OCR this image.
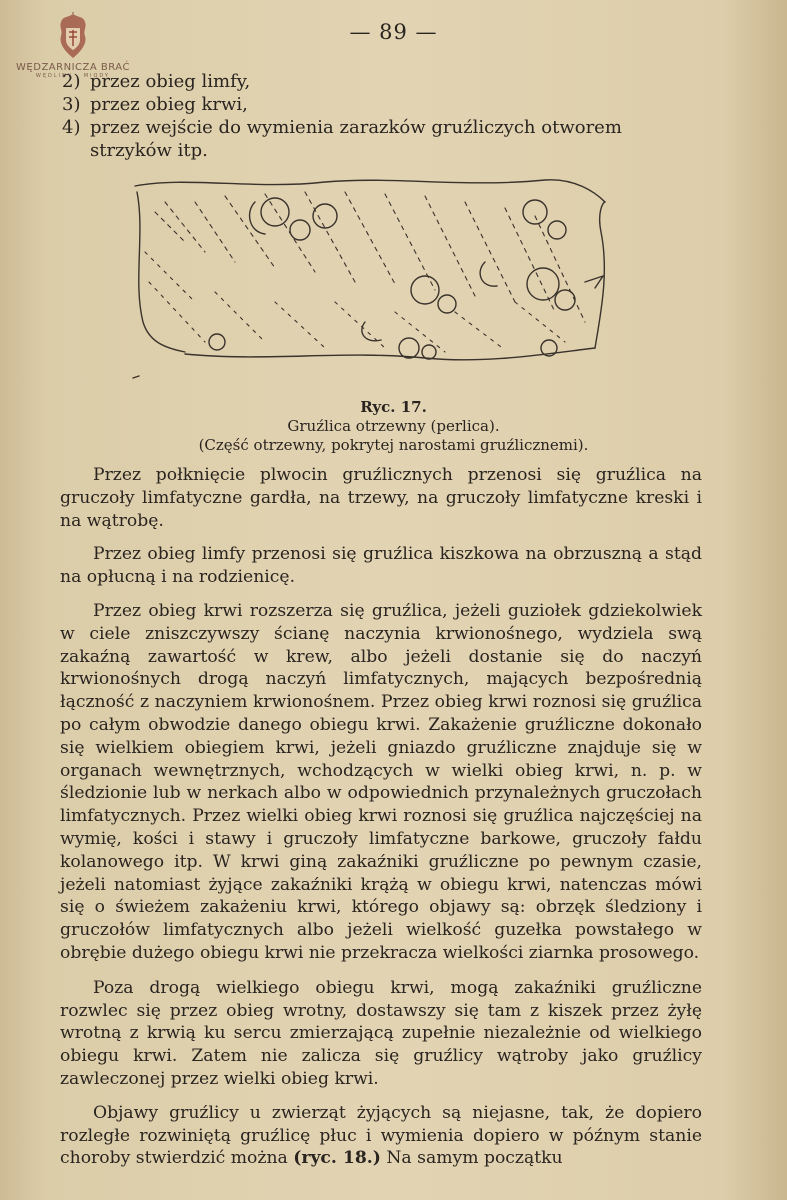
WĘDZARNICZA BRAĆ
WĘDLINY · MIODY
— 89 —
2) przez obieg limfy,
3) przez obieg krwi,
4) przez wejście do wymienia zarazków gruźliczych otworem
strzyków itp.
Ryc. 17.
Gruźlica otrzewny (perlica).
(Część otrzewny, pokrytej narostami gruźlicznemi).

Przez połknięcie plwocin gruźlicznych przenosi się gruźlica na gruczoły limfatyczne gardła, na trzewy, na gruczoły limfatyczne kreski i na wątrobę.

Przez obieg limfy przenosi się gruźlica kiszkowa na obrzuszną a stąd na opłucną i na rodzienicę.

Przez obieg krwi rozszerza się gruźlica, jeżeli guziołek gdziekolwiek w ciele zniszczywszy ścianę naczynia krwionośnego, wydziela swą zakaźną zawartość w krew, albo jeżeli dostanie się do naczyń krwionośnych drogą naczyń limfatycznych, mających bezpośrednią łączność z naczyniem krwionośnem. Przez obieg krwi roznosi się gruźlica po całym obwodzie danego obiegu krwi. Zakażenie gruźliczne dokonało się wielkiem obiegiem krwi, jeżeli gniazdo gruźliczne znajduje się w organach wewnętrznych, wchodzących w wielki obieg krwi, n. p. w śledzionie lub w nerkach albo w odpowiednich przynależnych gruczołach limfatycznych. Przez wielki obieg krwi roznosi się gruźlica najczęściej na wymię, kości i stawy i gruczoły limfatyczne barkowe, gruczoły fałdu kolanowego itp. W krwi giną zakaźniki gruźliczne po pewnym czasie, jeżeli natomiast żyjące zakaźniki krążą w obiegu krwi, natenczas mówi się o świeżem zakażeniu krwi, którego objawy są: obrzęk śledziony i gruczołów limfatycznych albo jeżeli wielkość guzełka powstałego w obrębie dużego obiegu krwi nie przekracza wielkości ziarnka prosowego.

Poza drogą wielkiego obiegu krwi, mogą zakaźniki gruźliczne rozwlec się przez obieg wrotny, dostawszy się tam z kiszek przez żyłę wrotną z krwią ku sercu zmierzającą zupełnie niezależnie od wielkiego obiegu krwi. Zatem nie zalicza się gruźlicy wątroby jako gruźlicy zawleczonej przez wielki obieg krwi.

Objawy gruźlicy u zwierząt żyjących są niejasne, tak, że dopiero rozległe rozwiniętą gruźlicę płuc i wymienia dopiero w późnym stanie choroby stwierdzić można (ryc. 18.) Na samym początku
